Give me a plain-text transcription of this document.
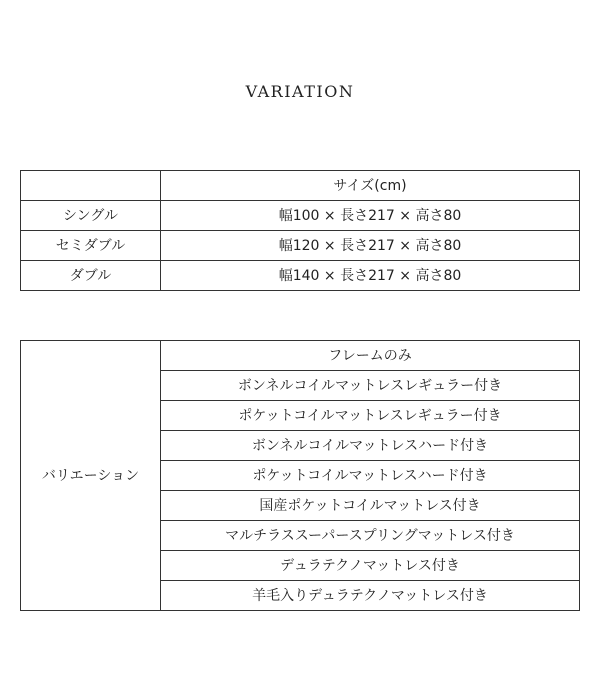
VARIATION
	サイズ(cm)
シングル	幅100 × 長さ217 × 高さ80
セミダブル	幅120 × 長さ217 × 高さ80
ダブル	幅140 × 長さ217 × 高さ80
バリエーション	フレームのみ
ボンネルコイルマットレスレギュラー付き
ポケットコイルマットレスレギュラー付き
ボンネルコイルマットレスハード付き
ポケットコイルマットレスハード付き
国産ポケットコイルマットレス付き
マルチラススーパースプリングマットレス付き
デュラテクノマットレス付き
羊毛入りデュラテクノマットレス付き
